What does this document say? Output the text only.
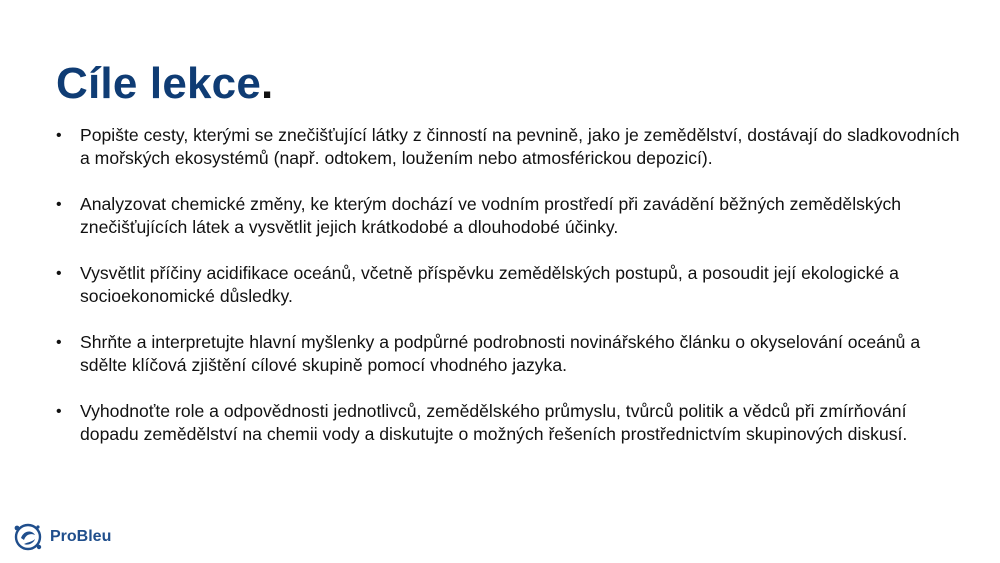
Cíle lekce.
• Popište cesty, kterými se znečišťující látky z činností na pevnině, jako je zemědělství, dostávají do sladkovodních a mořských ekosystémů (např. odtokem, loužením nebo atmosférickou depozicí).
• Analyzovat chemické změny, ke kterým dochází ve vodním prostředí při zavádění běžných zemědělských znečišťujících látek a vysvětlit jejich krátkodobé a dlouhodobé účinky.
• Vysvětlit příčiny acidifikace oceánů, včetně příspěvku zemědělských postupů, a posoudit její ekologické a socioekonomické důsledky.
• Shrňte a interpretujte hlavní myšlenky a podpůrné podrobnosti novinářského článku o okyselování oceánů a sdělte klíčová zjištění cílové skupině pomocí vhodného jazyka.
• Vyhodnoťte role a odpovědnosti jednotlivců, zemědělského průmyslu, tvůrců politik a vědců při zmírňování dopadu zemědělství na chemii vody a diskutujte o možných řešeních prostřednictvím skupinových diskusí.
ProBleu
